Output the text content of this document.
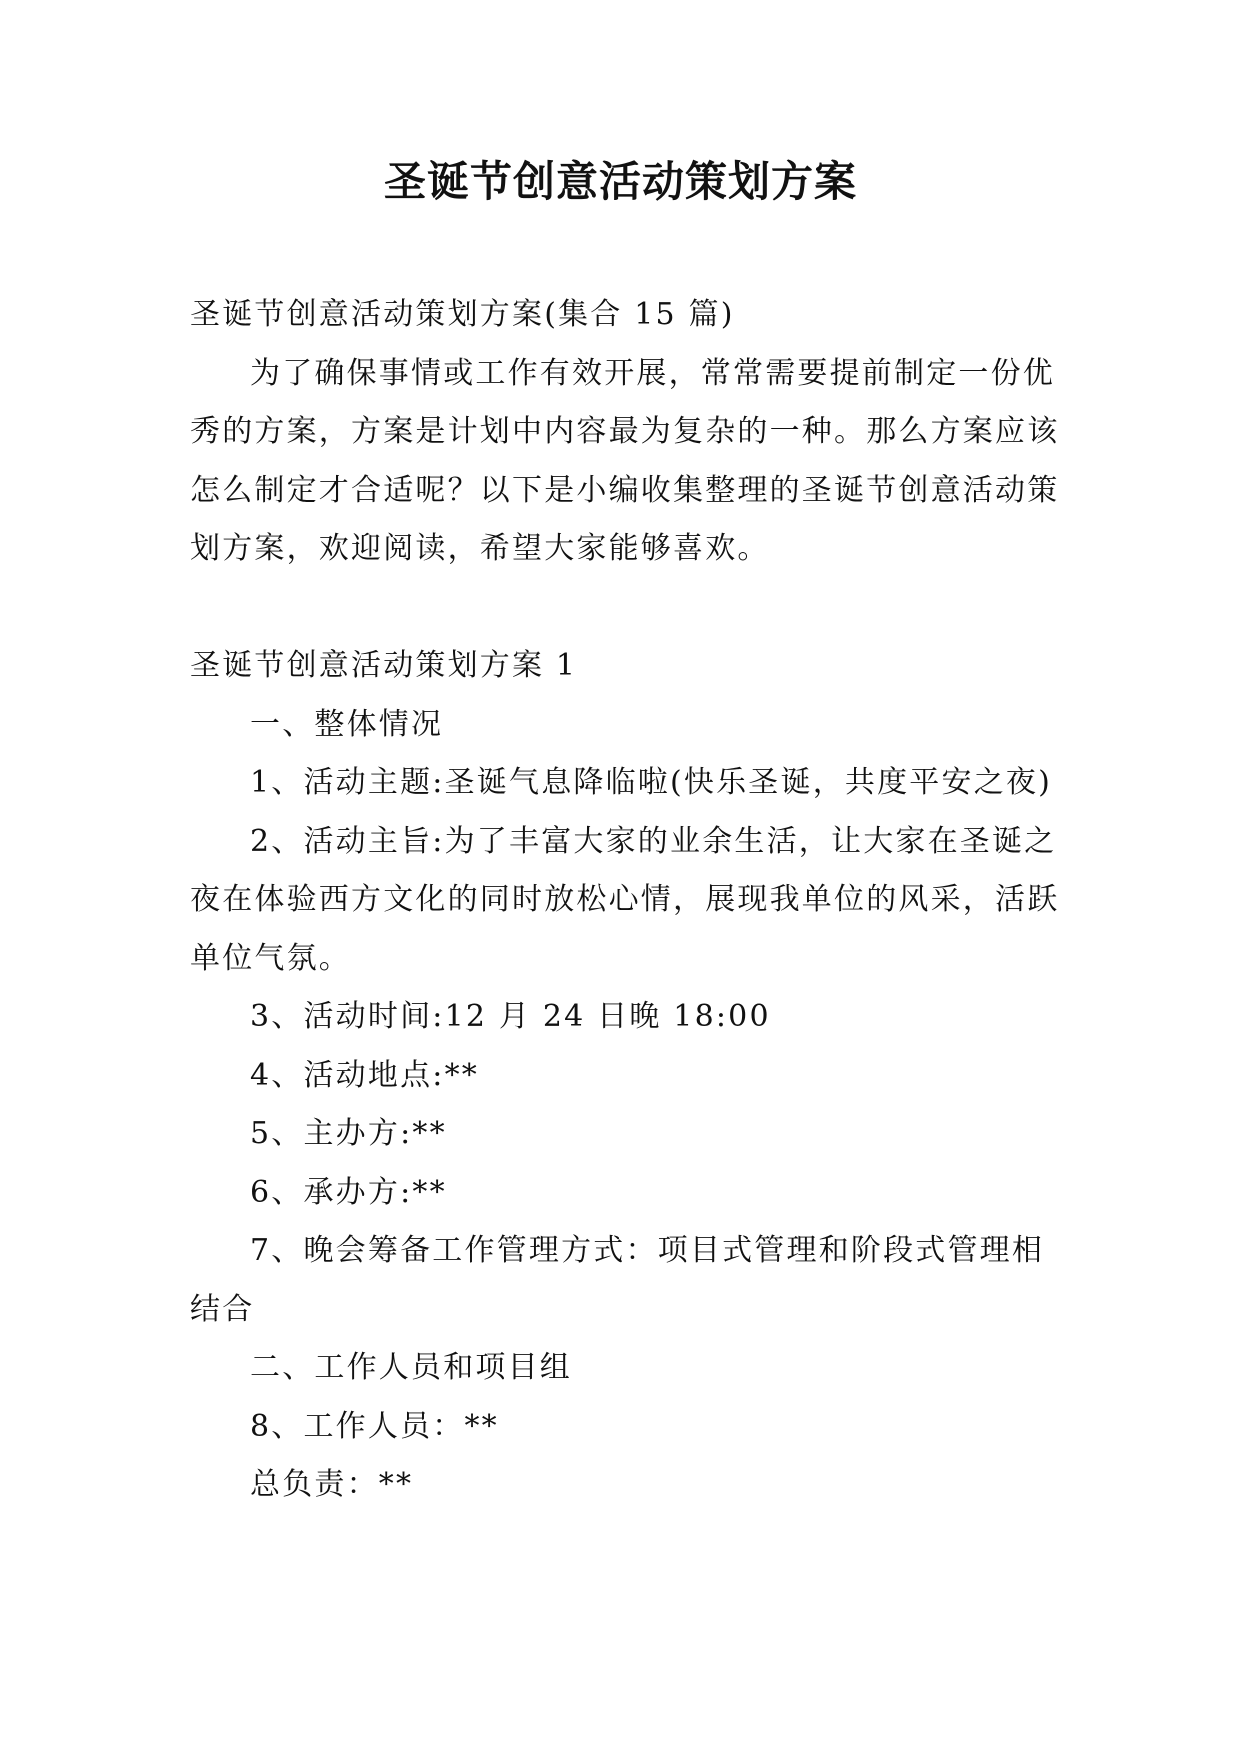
圣诞节创意活动策划方案

圣诞节创意活动策划方案(集合 15 篇)

为了确保事情或工作有效开展，常常需要提前制定一份优秀的方案，方案是计划中内容最为复杂的一种。那么方案应该怎么制定才合适呢？以下是小编收集整理的圣诞节创意活动策划方案，欢迎阅读，希望大家能够喜欢。

圣诞节创意活动策划方案 1

一、整体情况

1、活动主题:圣诞气息降临啦(快乐圣诞，共度平安之夜)

2、活动主旨:为了丰富大家的业余生活，让大家在圣诞之夜在体验西方文化的同时放松心情，展现我单位的风采，活跃单位气氛。

3、活动时间:12 月 24 日晚 18:00

4、活动地点:**

5、主办方:**

6、承办方:**

7、晚会筹备工作管理方式：项目式管理和阶段式管理相结合

二、工作人员和项目组

8、工作人员：**

总负责：**
